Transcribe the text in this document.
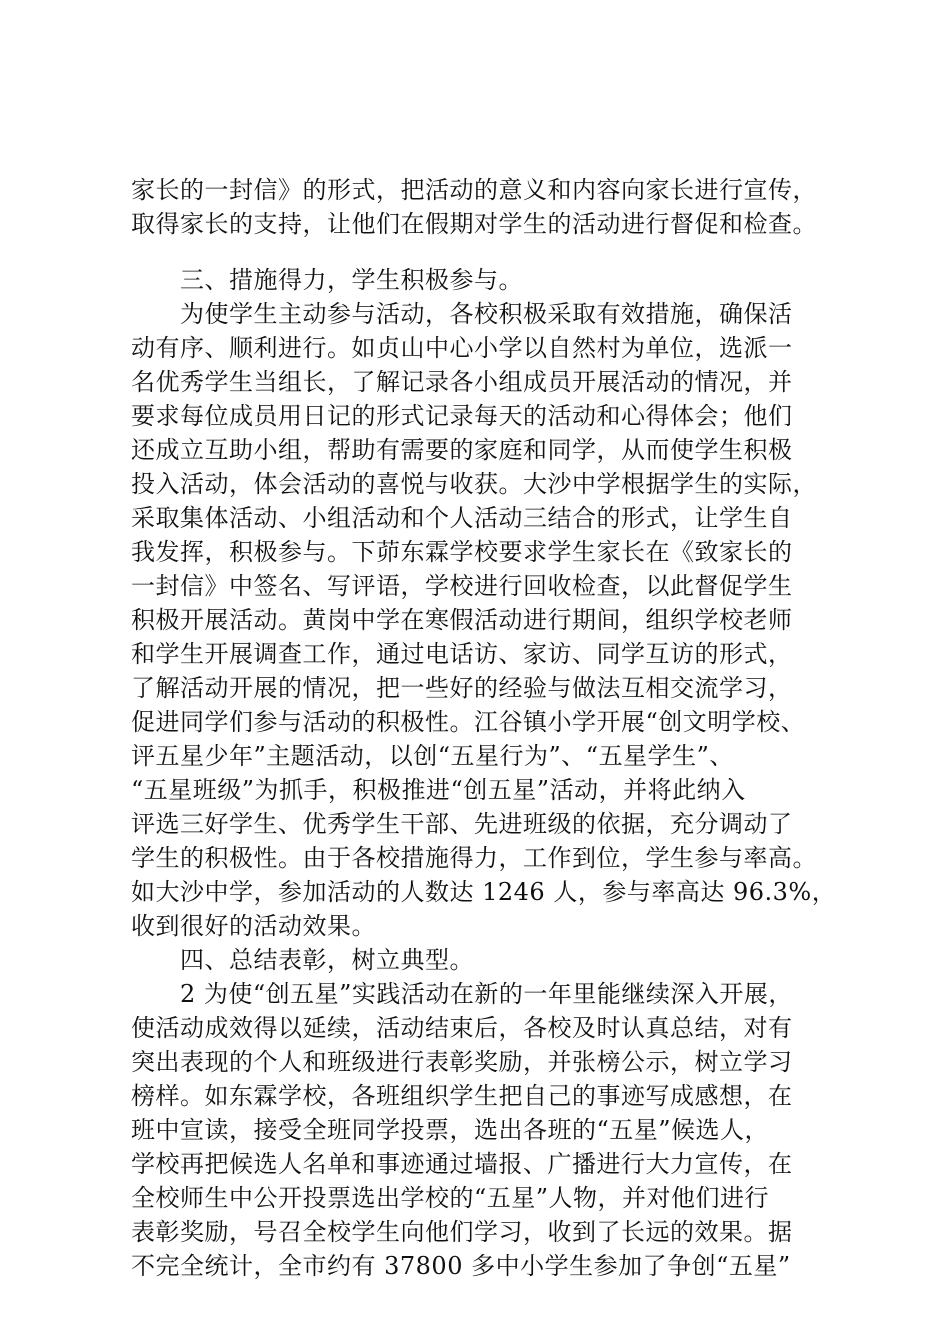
家长的一封信》的形式，把活动的意义和内容向家长进行宣传，
取得家长的支持，让他们在假期对学生的活动进行督促和检查。
三、措施得力，学生积极参与。
为使学生主动参与活动，各校积极采取有效措施，确保活
动有序、顺利进行。如贞山中心小学以自然村为单位，选派一
名优秀学生当组长，了解记录各小组成员开展活动的情况，并
要求每位成员用日记的形式记录每天的活动和心得体会；他们
还成立互助小组，帮助有需要的家庭和同学，从而使学生积极
投入活动，体会活动的喜悦与收获。大沙中学根据学生的实际，
采取集体活动、小组活动和个人活动三结合的形式，让学生自
我发挥，积极参与。下茆东霖学校要求学生家长在《致家长的
一封信》中签名、写评语，学校进行回收检查，以此督促学生
积极开展活动。黄岗中学在寒假活动进行期间，组织学校老师
和学生开展调查工作，通过电话访、家访、同学互访的形式，
了解活动开展的情况，把一些好的经验与做法互相交流学习，
促进同学们参与活动的积极性。江谷镇小学开展“创文明学校、
评五星少年”主题活动，以创“五星行为”、“五星学生”、
“五星班级”为抓手，积极推进“创五星”活动，并将此纳入
评选三好学生、优秀学生干部、先进班级的依据，充分调动了
学生的积极性。由于各校措施得力，工作到位，学生参与率高。
如大沙中学，参加活动的人数达 1246 人，参与率高达 96.3%，
收到很好的活动效果。
四、总结表彰，树立典型。
2 为使“创五星”实践活动在新的一年里能继续深入开展，
使活动成效得以延续，活动结束后，各校及时认真总结，对有
突出表现的个人和班级进行表彰奖励，并张榜公示，树立学习
榜样。如东霖学校，各班组织学生把自己的事迹写成感想，在
班中宣读，接受全班同学投票，选出各班的“五星”候选人，
学校再把候选人名单和事迹通过墙报、广播进行大力宣传，在
全校师生中公开投票选出学校的“五星”人物，并对他们进行
表彰奖励，号召全校学生向他们学习，收到了长远的效果。据
不完全统计，全市约有 37800 多中小学生参加了争创“五星”
